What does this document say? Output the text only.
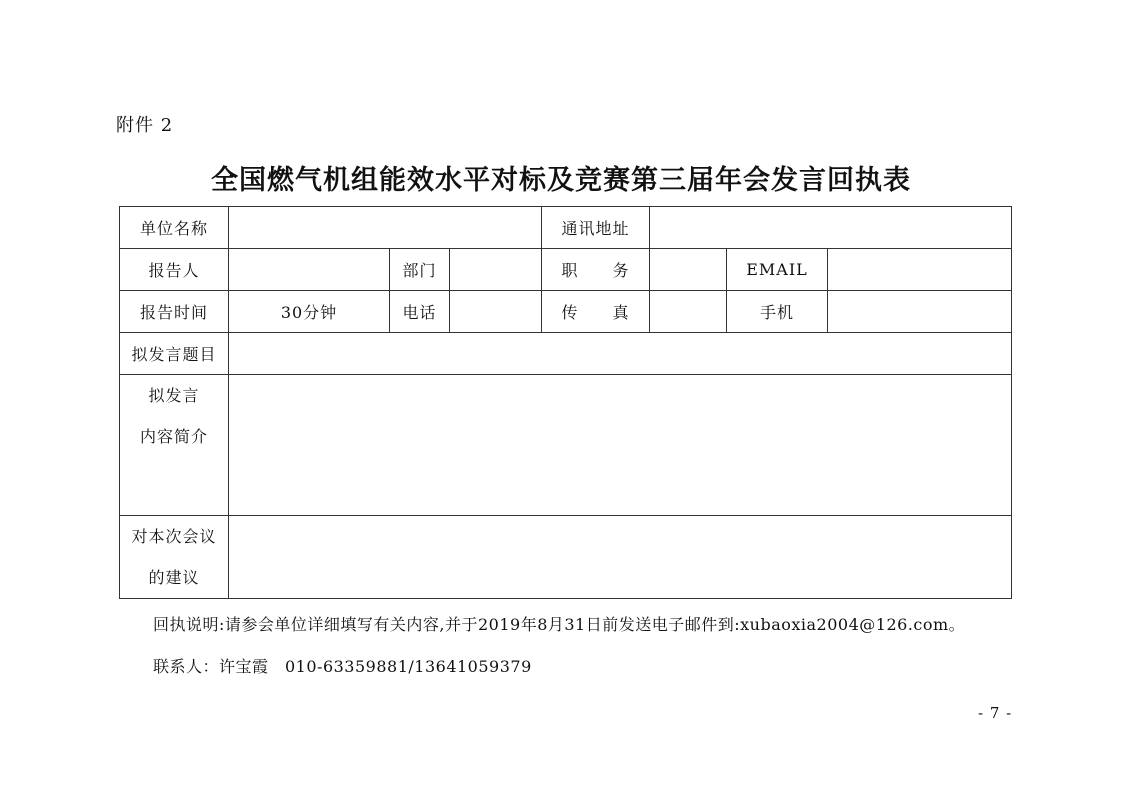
附件 2
全国燃气机组能效水平对标及竞赛第三届年会发言回执表
单位名称				通讯地址			
报告人		部门		职　　务		EMAIL	
报告时间	30分钟	电话		传　　真		手机	
拟发言题目							

拟发言
内容简介							

对本次会议
的建议							

回执说明:请参会单位详细填写有关内容,并于2019年8月31日前发送电子邮件到:xubaoxia2004@126.com。
联系人：许宝霞　010-63359881/13641059379
- 7 -
